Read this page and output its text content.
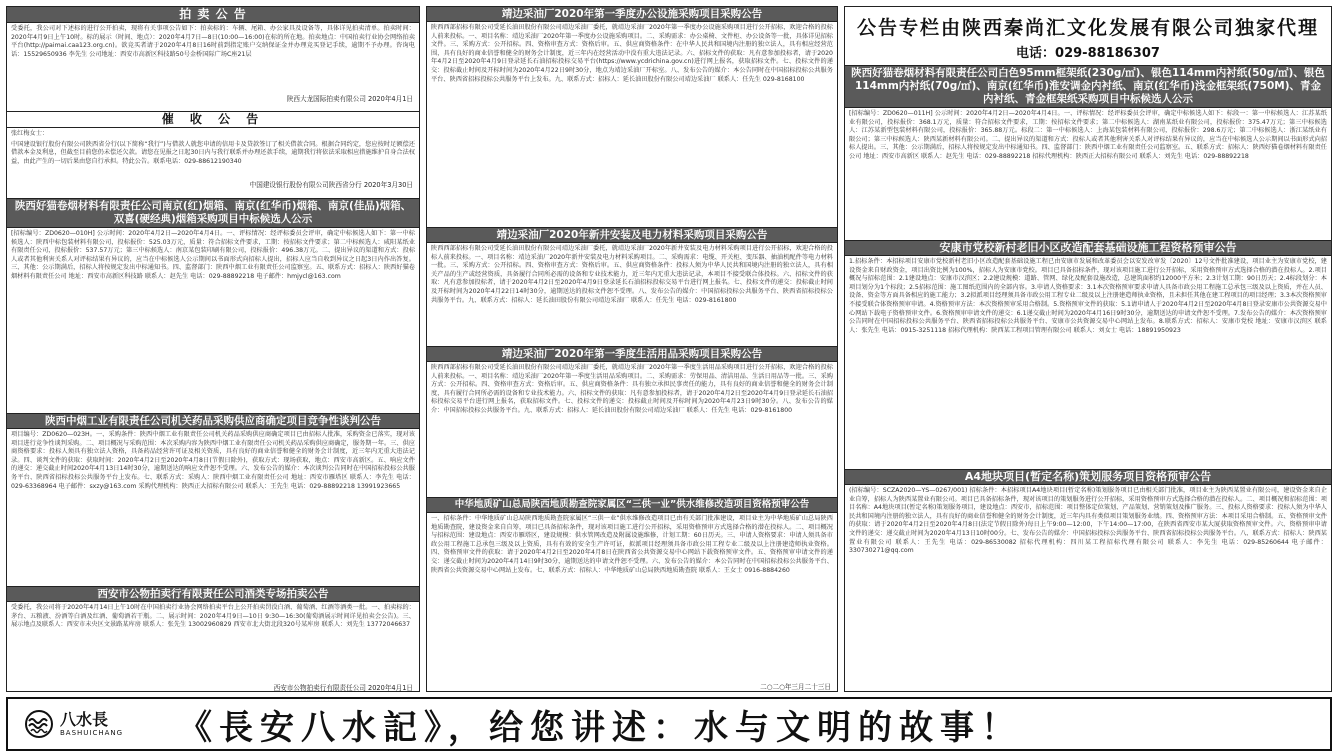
拍 卖 公 告
受委托，我公司对下述标的进行公开拍卖，现将有关事项公告如下：拍卖标的：车辆、尾箱、办公家具及设备等，具体详见拍卖清单。拍卖时间：2020年4月9日上午10时。标的展示（时间、地点）：2020年4月7日—8日(10:00—16:00)在标的所在地。拍卖地点：中国拍卖行业协会网络拍卖平台(http://paimai.caa123.org.cn)。欲竞买者请于2020年4月8日16时前到指定账户交纳保证金并办理竞买登记手续，逾期不予办理。咨询电话：15529650936 李先生 公司地址：西安市高新区科技路50号金桥国际广场C座21层
陕西大龙国际拍卖有限公司 2020年4月1日
催 收 公 告
张红梅女士：
中国建设银行股份有限公司陕西省分行(以下简称“我行”)与借款人就您申请的信用卡及贷款签订了相关借款合同。根据合同约定，您应按时足额偿还借款本金及利息，但截至目前您仍未偿还欠款。请您在见报之日起30日内与我行联系并办理还款手续，逾期我行将依法采取相应措施维护自身合法权益，由此产生的一切后果由您自行承担。特此公告。联系电话：029-88612190340
中国建设银行股份有限公司陕西省分行 2020年3月30日
陕西好猫卷烟材料有限责任公司南京(红)烟箱、南京(红华币)烟箱、南京(佳品)烟箱、双喜(硬经典)烟箱采购项目中标候选人公示
[招标编号：ZD0620—010H] 公示时间：2020年4月2日—2020年4月4日。一、评标情况：经评标委员会评审，确定中标候选人如下：第一中标候选人：陕西中标包装材料有限公司，投标报价：525.03万元，质量：符合招标文件要求，工期：按招标文件要求；第二中标候选人：咸阳某纸业有限责任公司，投标报价：537.57万元；第三中标候选人：南京某包装印刷有限公司，投标报价：496.38万元。二、提出异议的渠道和方式：投标人或者其他利害关系人对评标结果有异议的，应当在中标候选人公示期间以书面形式向招标人提出，招标人应当自收到异议之日起3日内作出答复。三、其他：公示期满后，招标人将按规定发出中标通知书。四、监督部门：陕西中烟工业有限责任公司监察室。五、联系方式：招标人：陕西好猫卷烟材料有限责任公司 地址：西安市高新区科技路 联系人：赵先生 电话：029-88892218 电子邮件：hmjycl@163.com
陕西中烟工业有限责任公司机关药品采购供应商确定项目竞争性谈判公告
项目编号：ZD0620—023H。一、采购条件：陕西中烟工业有限责任公司机关药品采购供应商确定项目已由招标人批准，采购资金已落实，现对该项目进行竞争性谈判采购。二、项目概况与采购范围：本次采购内容为陕西中烟工业有限责任公司机关药品采购供应商确定，服务期一年。三、供应商资格要求：投标人须具有独立法人资格，具备药品经营许可证及相关资质，具有良好的商业信誉和健全的财务会计制度，近三年内无重大违法记录。四、谈判文件的获取：获取时间：2020年4月2日至2020年4月8日(节假日除外)，获取方式：现场获取，地点：西安市高新区。五、响应文件的递交：递交截止时间2020年4月13日14时30分，逾期送达的响应文件恕不受理。六、发布公告的媒介：本次谈判公告同时在中国招标投标公共服务平台、陕西省招标投标公共服务平台上发布。七、联系方式：采购人：陕西中烟工业有限责任公司 地址：西安市雁塔区 联系人：李先生 电话：029-63368964 电子邮件：sxzy@163.com 采购代理机构：陕西正大招标有限公司 联系人：王先生 电话：029-88892218 13991923665
西安市公物拍卖行有限责任公司酒类专场拍卖公告
受委托，我公司将于2020年4月14日上午10时在中国拍卖行业协会网络拍卖平台上公开拍卖罚没白酒、葡萄酒、红酒等酒类一批。一、拍卖标的：茅台、五粮液、汾酒等白酒及红酒、葡萄酒若干瓶。二、展示时间：2020年4月9日—10日 9:30—16:30(葡萄酒展示时间详见拍卖会公告)。三、展示地点及联系人：西安市未央区文景路某库房 联系人：张先生 13002960829 西安市北大街北段320号某库房 联系人：刘先生 13772046637
西安市公物拍卖行有限责任公司 2020年4月1日
靖边采油厂2020年第一季度办公设施采购项目采购公告
陕西西部招标有限公司受延长油田股份有限公司靖边采油厂委托，就靖边采油厂2020年第一季度办公设施采购项目进行公开招标，欢迎合格的投标人前来投标。一、项目名称：靖边采油厂2020年第一季度办公设施采购项目。二、采购需求：办公桌椅、文件柜、办公设备等一批，具体详见招标文件。三、采购方式：公开招标。四、资格审查方式：资格后审。五、供应商资格条件：在中华人民共和国境内注册的独立法人，具有相应经营范围，具有良好的商业信誉和健全的财务会计制度，近三年内在经营活动中没有重大违法记录。六、招标文件的获取：凡有意参加投标者，请于2020年4月2日至2020年4月9日登录延长石油招标投标交易平台(https://www.ycdrichina.gov.cn)进行网上报名，获取招标文件。七、投标文件的递交：投标截止时间及开标时间为2020年4月22日9时30分，地点为靖边采油厂开标室。八、发布公告的媒介：本公告同时在中国招标投标公共服务平台、陕西省招标投标公共服务平台上发布。九、联系方式：招标人：延长油田股份有限公司靖边采油厂 联系人：任先生 029-8168100
靖边采油厂2020年新井安装及电力材料采购项目采购公告
陕西西部招标有限公司受延长油田股份有限公司靖边采油厂委托，就靖边采油厂2020年新井安装及电力材料采购项目进行公开招标，欢迎合格的投标人前来投标。一、项目名称：靖边采油厂2020年新井安装及电力材料采购项目。二、采购需求：电缆、开关柜、变压器、抽油机配件等电力材料一批。三、采购方式：公开招标。四、资格审查方式：资格后审。五、供应商资格条件：投标人须为中华人民共和国境内注册的独立法人，具有相关产品的生产或经营资质，具备履行合同所必需的设备和专业技术能力，近三年内无重大违法记录，本项目不接受联合体投标。六、招标文件的获取：凡有意参加投标者，请于2020年4月2日至2020年4月9日登录延长石油招标投标交易平台进行网上报名。七、投标文件的递交：投标截止时间及开标时间为2020年4月22日14时30分，逾期送达的投标文件恕不受理。八、发布公告的媒介：中国招标投标公共服务平台、陕西省招标投标公共服务平台。九、联系方式：招标人：延长油田股份有限公司靖边采油厂 联系人：任先生 电话：029-8161800
靖边采油厂2020年第一季度生活用品采购项目采购公告
陕西西部招标有限公司受延长油田股份有限公司靖边采油厂委托，就靖边采油厂2020年第一季度生活用品采购项目进行公开招标，欢迎合格的投标人前来投标。一、项目名称：靖边采油厂2020年第一季度生活用品采购项目。二、采购需求：劳保用品、清洁用品、生活日用品等一批。三、采购方式：公开招标。四、资格审查方式：资格后审。五、供应商资格条件：具有独立承担民事责任的能力，具有良好的商业信誉和健全的财务会计制度，具有履行合同所必需的设备和专业技术能力。六、招标文件的获取：凡有意参加投标者，请于2020年4月2日至2020年4月9日登录延长石油招标投标交易平台进行网上报名，获取招标文件。七、投标文件的递交：投标截止时间及开标时间为2020年4月23日9时30分。八、发布公告的媒介：中国招标投标公共服务平台。九、联系方式：招标人：延长油田股份有限公司靖边采油厂 联系人：任先生 电话：029-8161800
中华地质矿山总局陕西地质勘查院家属区“三供一业”供水维修改造项目资格预审公告
一、招标条件：中华地质矿山总局陕西地质勘查院家属区“三供一业”供水维修改造项目已由有关部门批准建设，项目业主为中华地质矿山总局陕西地质勘查院，建设资金来自自筹，项目已具备招标条件，现对该项目施工进行公开招标，采用资格预审方式选择合格的潜在投标人。二、项目概况与招标范围：建设地点：西安市雁塔区，建设规模：供水管网改造及附属设施维修，计划工期：60日历天。三、申请人资格要求：申请人须具备市政公用工程施工总承包三级及以上资质，具有有效的安全生产许可证，拟派项目经理须具备市政公用工程专业二级及以上注册建造师执业资格。四、资格预审文件的获取：请于2020年4月2日至2020年4月8日在陕西省公共资源交易中心网站下载资格预审文件。五、资格预审申请文件的递交：递交截止时间为2020年4月14日9时30分，逾期送达的申请文件恕不受理。六、发布公告的媒介：本公告同时在中国招标投标公共服务平台、陕西省公共资源交易中心网站上发布。七、联系方式：招标人：中华地质矿山总局陕西地质勘查院 联系人：王女士 0916-8884260
二○二○年三月二十三日
公告专栏由陕西秦尚汇文化发展有限公司独家代理
电话：029-88186307
陕西好猫卷烟材料有限责任公司白色95mm框架纸(230g/㎡)、银色114mm内衬纸(50g/㎡)、银色114mm内衬纸(70g/㎡)、南京(红华币)淮安调金内衬纸、南京(红华币)浅金框架纸(750M)、青金内衬纸、青金框架纸采购项目中标候选人公示
[招标编号：ZD0620—011H] 公示时间：2020年4月2日—2020年4月4日。一、评标情况：经评标委员会评审，确定中标候选人如下：标段一：第一中标候选人：江苏某纸业有限公司，投标报价：368.1万元，质量：符合招标文件要求，工期：按招标文件要求；第二中标候选人：湖南某纸业有限公司，投标报价：375.47万元；第三中标候选人：江苏某新型包装材料有限公司，投标报价：365.88万元。标段二：第一中标候选人：上海某包装材料有限公司，投标报价：298.6万元；第二中标候选人：浙江某纸业有限公司；第三中标候选人：陕西某新材料有限公司。二、提出异议的渠道和方式：投标人或者其他利害关系人对评标结果有异议的，应当在中标候选人公示期间以书面形式向招标人提出。三、其他：公示期满后，招标人将按规定发出中标通知书。四、监督部门：陕西中烟工业有限责任公司监察室。五、联系方式：招标人：陕西好猫卷烟材料有限责任公司 地址：西安市高新区 联系人：赵先生 电话：029-88892218 招标代理机构：陕西正大招标有限公司 联系人：刘先生 电话：029-88892218
安康市党校新村老旧小区改造配套基础设施工程资格预审公告
1.招标条件：本招标项目安康市党校新村老旧小区改造配套基础设施工程已由安康市发展和改革委员会以安发改审发〔2020〕12号文件批准建设，项目业主为安康市党校，建设资金来自财政资金，项目出资比例为100%，招标人为安康市党校。项目已具备招标条件，现对该项目施工进行公开招标，采用资格预审方式选择合格的潜在投标人。2.项目概况与招标范围：2.1建设地点：安康市汉滨区；2.2建设规模：道路、管网、绿化及配套设施改造，总建筑面积约12000平方米；2.3计划工期：90日历天；2.4标段划分：本项目划分为1个标段；2.5招标范围：施工图纸范围内的全部内容。3.申请人资格要求：3.1本次资格预审要求申请人具备市政公用工程施工总承包三级及以上资质，并在人员、设备、资金等方面具备相应的施工能力；3.2拟派项目经理须具备市政公用工程专业二级及以上注册建造师执业资格，且未担任其他在建工程项目的项目经理；3.3本次资格预审不接受联合体资格预审申请。4.资格预审方法：本次资格预审采用合格制。5.资格预审文件的获取：5.1请申请人于2020年4月2日至2020年4月8日登录安康市公共资源交易中心网站下载电子资格预审文件。6.资格预审申请文件的递交：6.1递交截止时间为2020年4月16日9时30分，逾期送达的申请文件恕不受理。7.发布公告的媒介：本次资格预审公告同时在中国招标投标公共服务平台、陕西省招标投标公共服务平台、安康市公共资源交易中心网站上发布。8.联系方式：招标人：安康市党校 地址：安康市汉滨区 联系人：张先生 电话：0915-3251118 招标代理机构：陕西某工程项目管理有限公司 联系人：刘女士 电话：18891950923
A4地块项目(暂定名称)策划服务项目资格预审公告
(招标编号：SCZA2020—YS—0267/001) 招标条件：本招标项目A4地块项目(暂定名称)策划服务项目已由相关部门批准，项目业主为陕西某置业有限公司，建设资金来自企业自筹，招标人为陕西某置业有限公司。项目已具备招标条件，现对该项目的策划服务进行公开招标，采用资格预审方式选择合格的潜在投标人。二、项目概况和招标范围：项目名称：A4地块项目(暂定名称)策划服务项目，建设地点：西安市，招标范围：项目整体定位策划、产品策划、营销策划及推广服务。三、投标人资格要求：投标人须为中华人民共和国境内注册的独立法人，具有良好的商业信誉和健全的财务会计制度，近三年内具有类似项目策划服务业绩。四、资格预审方法：本项目采用合格制。五、资格预审文件的获取：请于2020年4月2日至2020年4月8日(法定节假日除外)每日上午9:00—12:00，下午14:00—17:00，在陕西省西安市某大厦获取资格预审文件。六、资格预审申请文件的递交：递交截止时间为2020年4月13日10时00分。七、发布公告的媒介：中国招标投标公共服务平台、陕西省招标投标公共服务平台。八、联系方式：招标人：陕西某置业有限公司 联系人：王先生 电话：029-86530082 招标代理机构：四川某工程招标代理有限公司 联系人：李先生 电话：029-85260644 电子邮件：330730271@qq.com
八水長
BASHUICHANG 《長安八水記》，给您讲述：水与文明的故事！
